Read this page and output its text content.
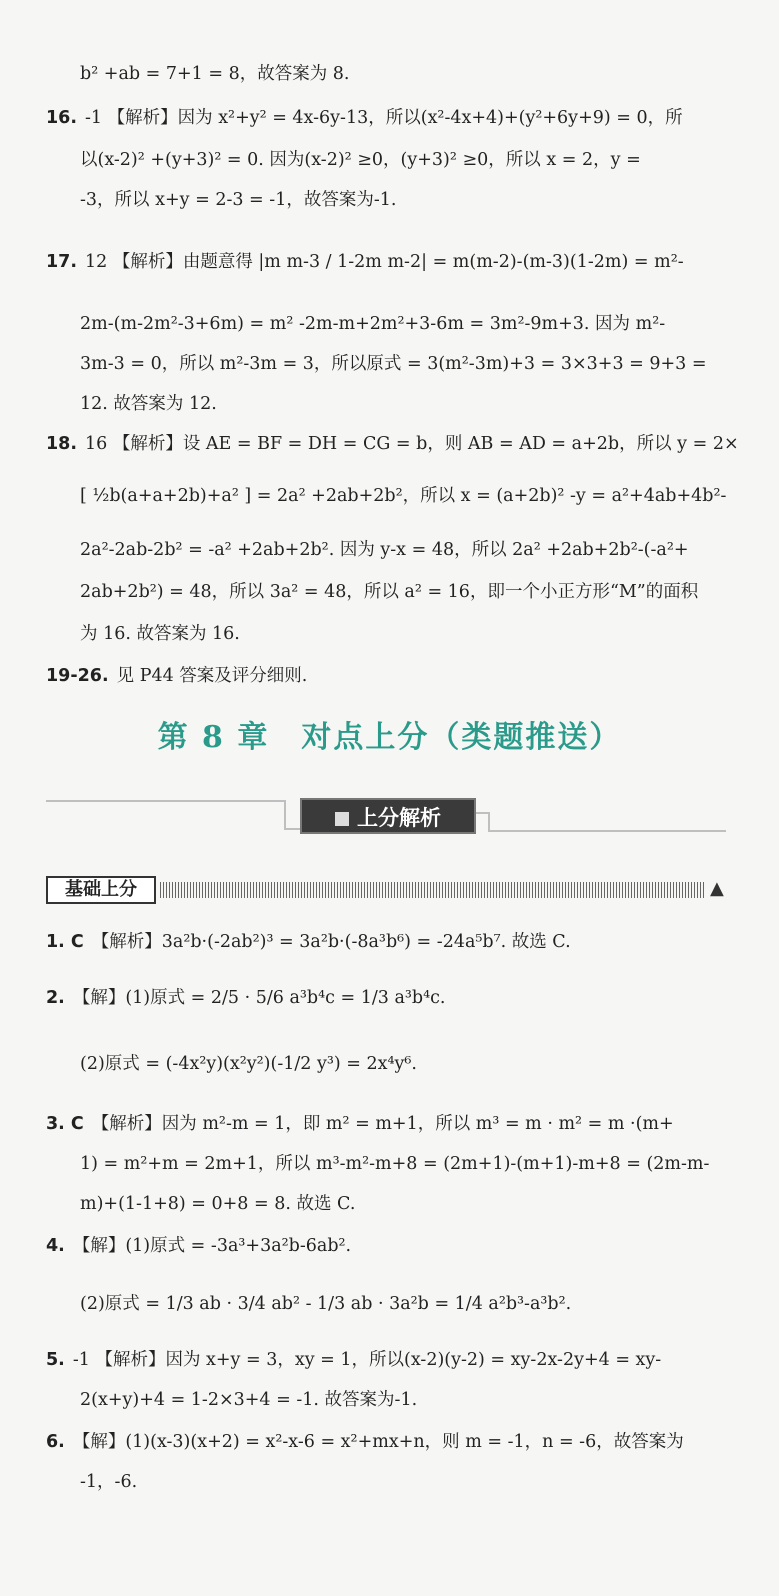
b² +ab = 7+1 = 8，故答案为 8.
16. -1 【解析】因为 x²+y² = 4x-6y-13，所以(x²-4x+4)+(y²+6y+9) = 0，所
以(x-2)² +(y+3)² = 0. 因为(x-2)² ≥0，(y+3)² ≥0，所以 x = 2，y =
-3，所以 x+y = 2-3 = -1，故答案为-1.
17. 12 【解析】由题意得 |m m-3 / 1-2m m-2| = m(m-2)-(m-3)(1-2m) = m²-
2m-(m-2m²-3+6m) = m² -2m-m+2m²+3-6m = 3m²-9m+3. 因为 m²-
3m-3 = 0，所以 m²-3m = 3，所以原式 = 3(m²-3m)+3 = 3×3+3 = 9+3 =
12. 故答案为 12.
18. 16 【解析】设 AE = BF = DH = CG = b，则 AB = AD = a+2b，所以 y = 2×
[ ½b(a+a+2b)+a² ] = 2a² +2ab+2b²，所以 x = (a+2b)² -y = a²+4ab+4b²-
2a²-2ab-2b² = -a² +2ab+2b². 因为 y-x = 48，所以 2a² +2ab+2b²-(-a²+
2ab+2b²) = 48，所以 3a² = 48，所以 a² = 16，即一个小正方形“M”的面积
为 16. 故答案为 16.
19-26. 见 P44 答案及评分细则.
第 8 章　对点上分（类题推送）
上分解析
基础上分	▲
1. C 【解析】3a²b·(-2ab²)³ = 3a²b·(-8a³b⁶) = -24a⁵b⁷. 故选 C.
2. 【解】(1)原式 = 2/5 · 5/6 a³b⁴c = 1/3 a³b⁴c.
(2)原式 = (-4x²y)(x²y²)(-1/2 y³) = 2x⁴y⁶.
3. C 【解析】因为 m²-m = 1，即 m² = m+1，所以 m³ = m · m² = m ·(m+
1) = m²+m = 2m+1，所以 m³-m²-m+8 = (2m+1)-(m+1)-m+8 = (2m-m-
m)+(1-1+8) = 0+8 = 8. 故选 C.
4. 【解】(1)原式 = -3a³+3a²b-6ab².
(2)原式 = 1/3 ab · 3/4 ab² - 1/3 ab · 3a²b = 1/4 a²b³-a³b².
5. -1 【解析】因为 x+y = 3，xy = 1，所以(x-2)(y-2) = xy-2x-2y+4 = xy-
2(x+y)+4 = 1-2×3+4 = -1. 故答案为-1.
6. 【解】(1)(x-3)(x+2) = x²-x-6 = x²+mx+n，则 m = -1，n = -6，故答案为
-1，-6.
